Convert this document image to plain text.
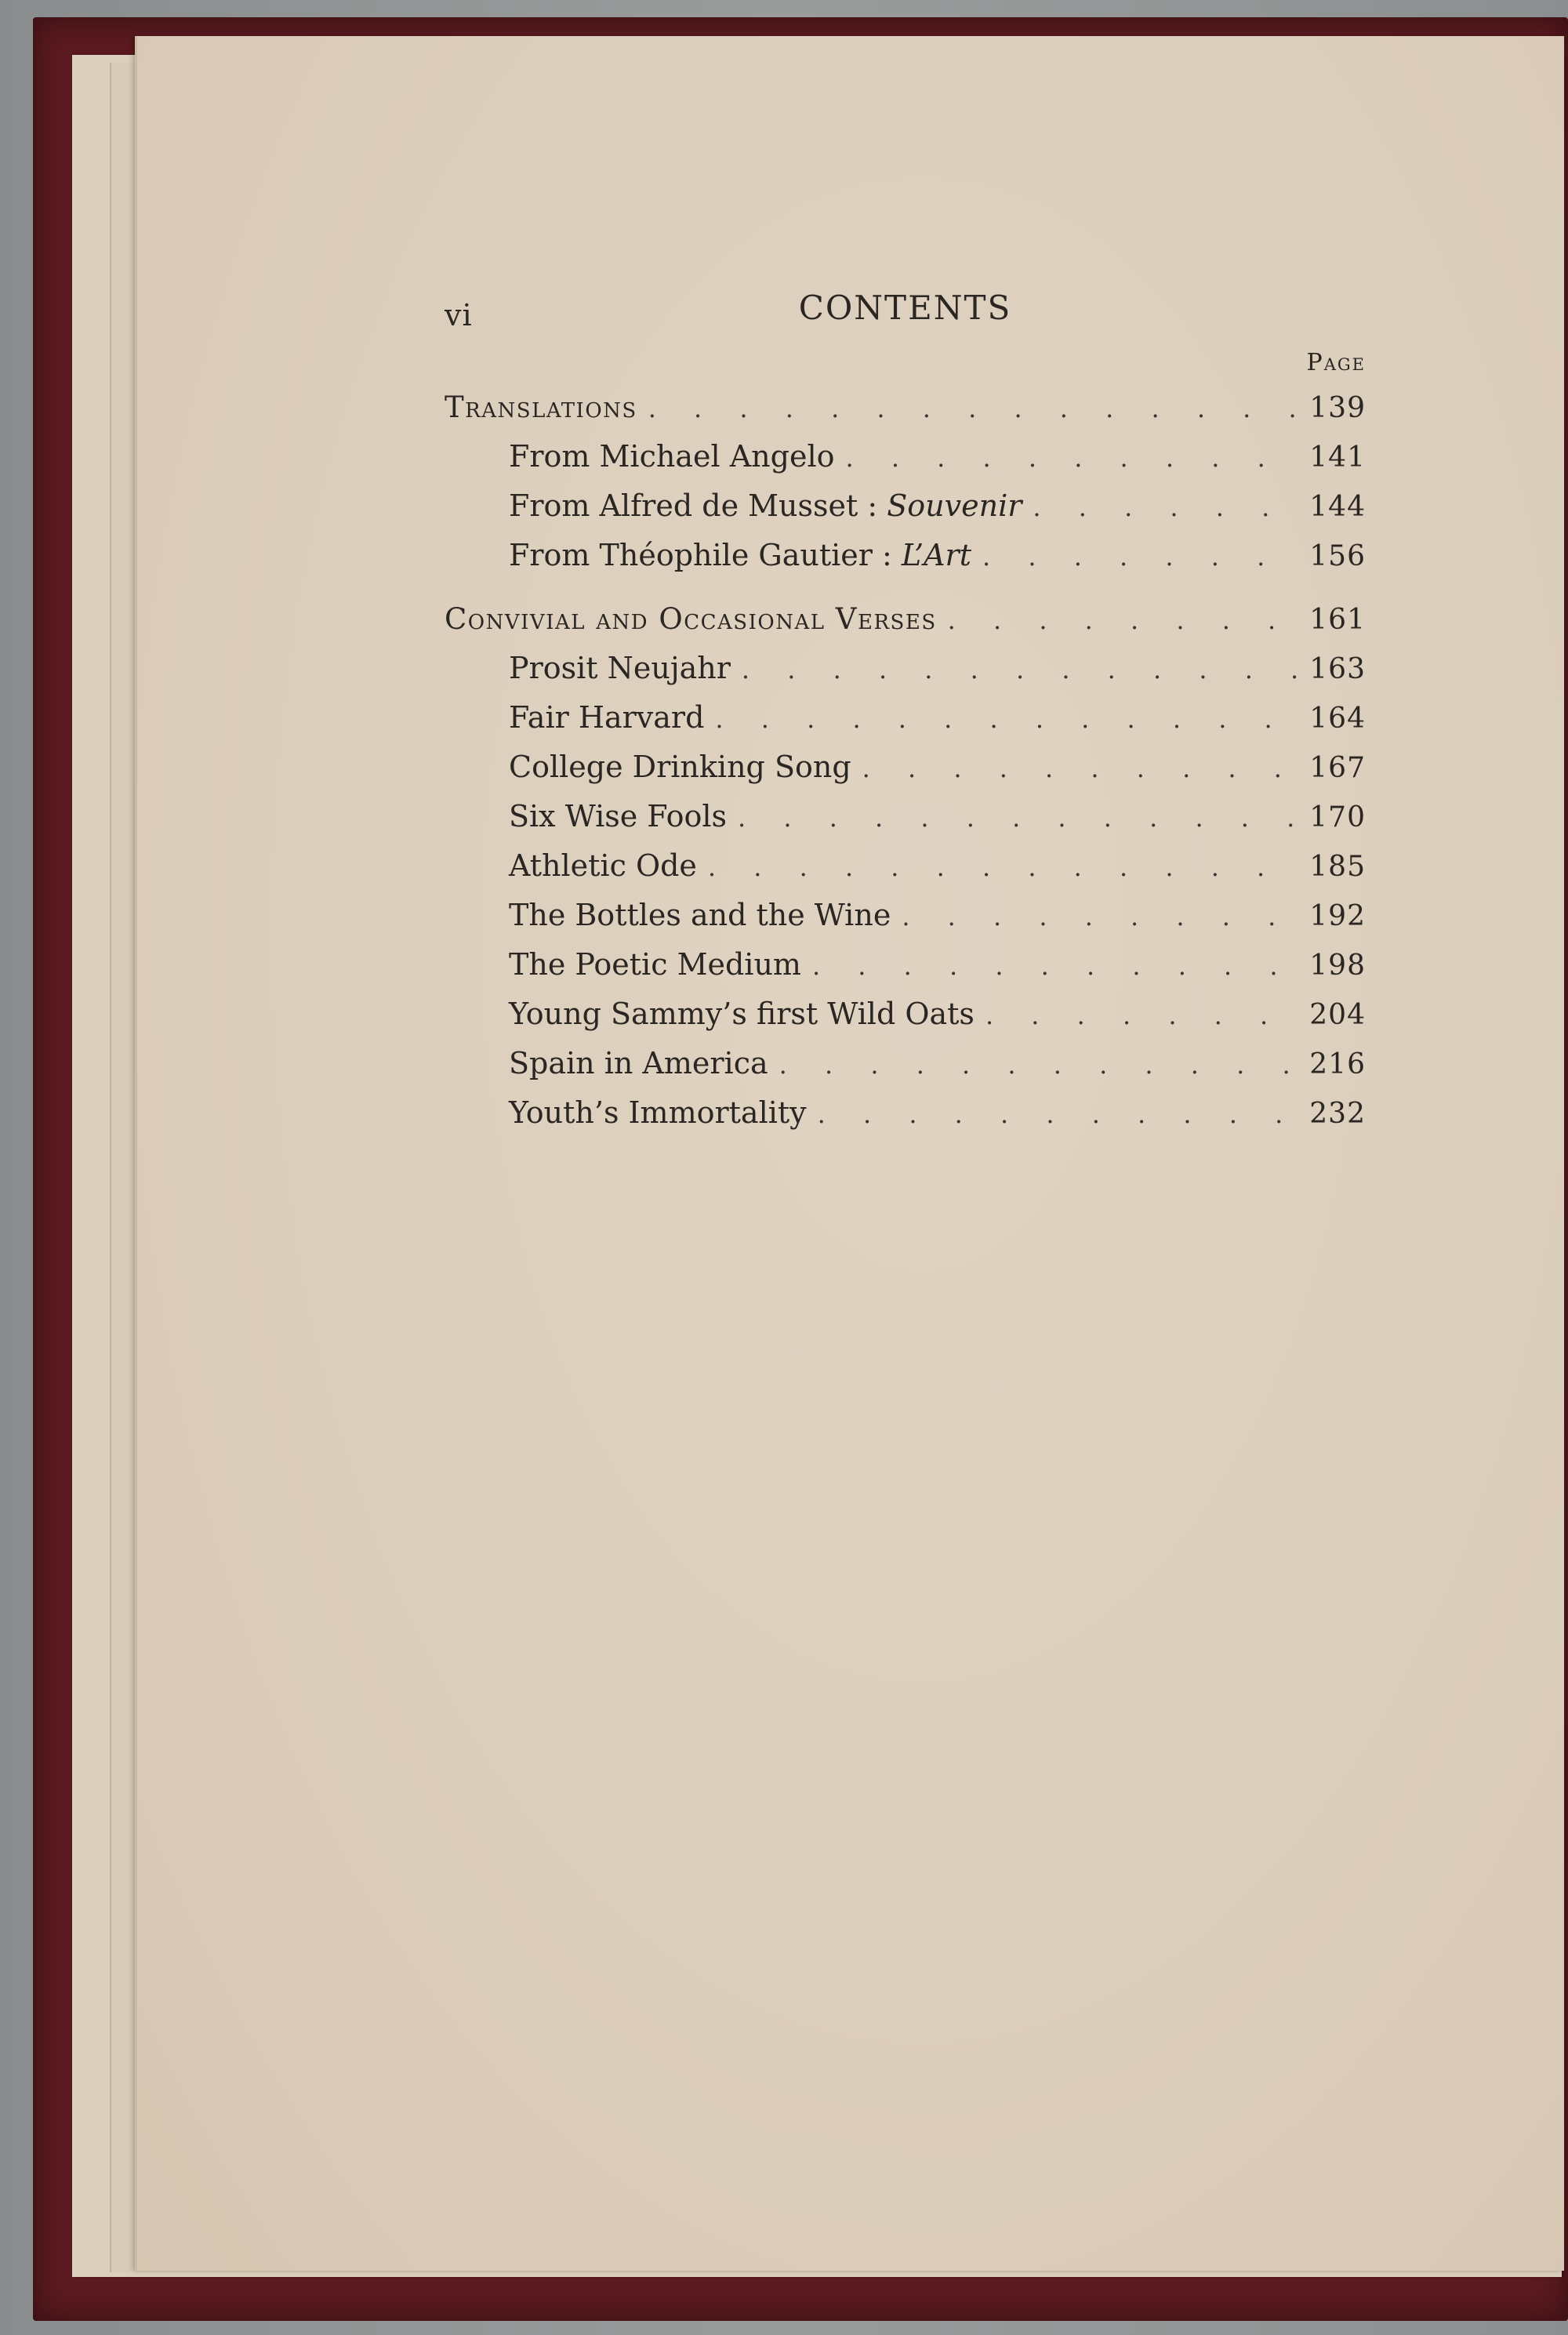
vi	CONTENTS
Page
Translations . . .	139
From Michael Angelo . . .	141
From Alfred de Musset : Souvenir . . .	144
From Théophile Gautier : L’Art . . .	156
Convivial and Occasional Verses . . .	161
Prosit Neujahr . . .	163
Fair Harvard . . .	164
College Drinking Song . . .	167
Six Wise Fools . . .	170
Athletic Ode . . .	185
The Bottles and the Wine . . .	192
The Poetic Medium . . .	198
Young Sammy’s first Wild Oats . . .	204
Spain in America . . .	216
Youth’s Immortality . . .	232
